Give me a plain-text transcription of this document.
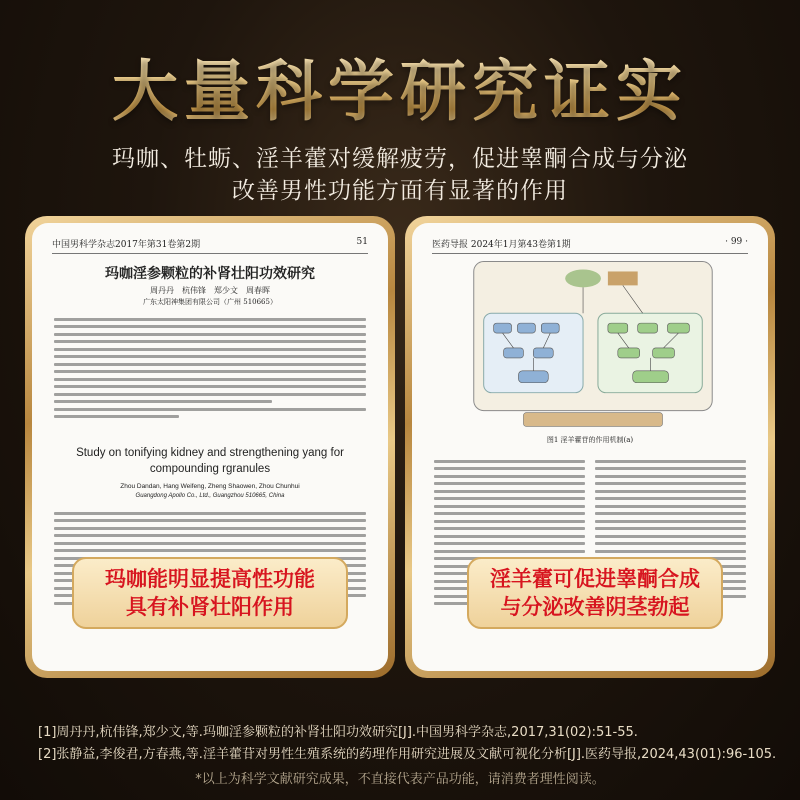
大量科学研究证实
玛咖、牡蛎、淫羊藿对缓解疲劳，促进睾酮合成与分泌
改善男性功能方面有显著的作用
中国男科学杂志2017年第31卷第2期	51
玛咖淫参颗粒的补肾壮阳功效研究
周丹丹　杭伟锋　郑少文　周春晖
广东太阳神集团有限公司（广州 510665）
Study on tonifying kidney and strengthening yang for compounding rgranules
Zhou Dandan, Hang Weifeng, Zheng Shaowen, Zhou Chunhui
Guangdong Apollo Co., Ltd., Guangzhou 510665, China
玛咖能明显提高性功能
具有补肾壮阳作用
医药导报 2024年1月第43卷第1期	· 99 ·
图1 淫羊藿苷的作用机制(a)
淫羊藿可促进睾酮合成
与分泌改善阴茎勃起
[1]周丹丹,杭伟锋,郑少文,等.玛咖淫参颗粒的补肾壮阳功效研究[J].中国男科学杂志,2017,31(02):51-55.
[2]张静益,李俊君,方春燕,等.淫羊藿苷对男性生殖系统的药理作用研究进展及文献可视化分析[J].医药导报,2024,43(01):96-105.
*以上为科学文献研究成果，不直接代表产品功能，请消费者理性阅读。
